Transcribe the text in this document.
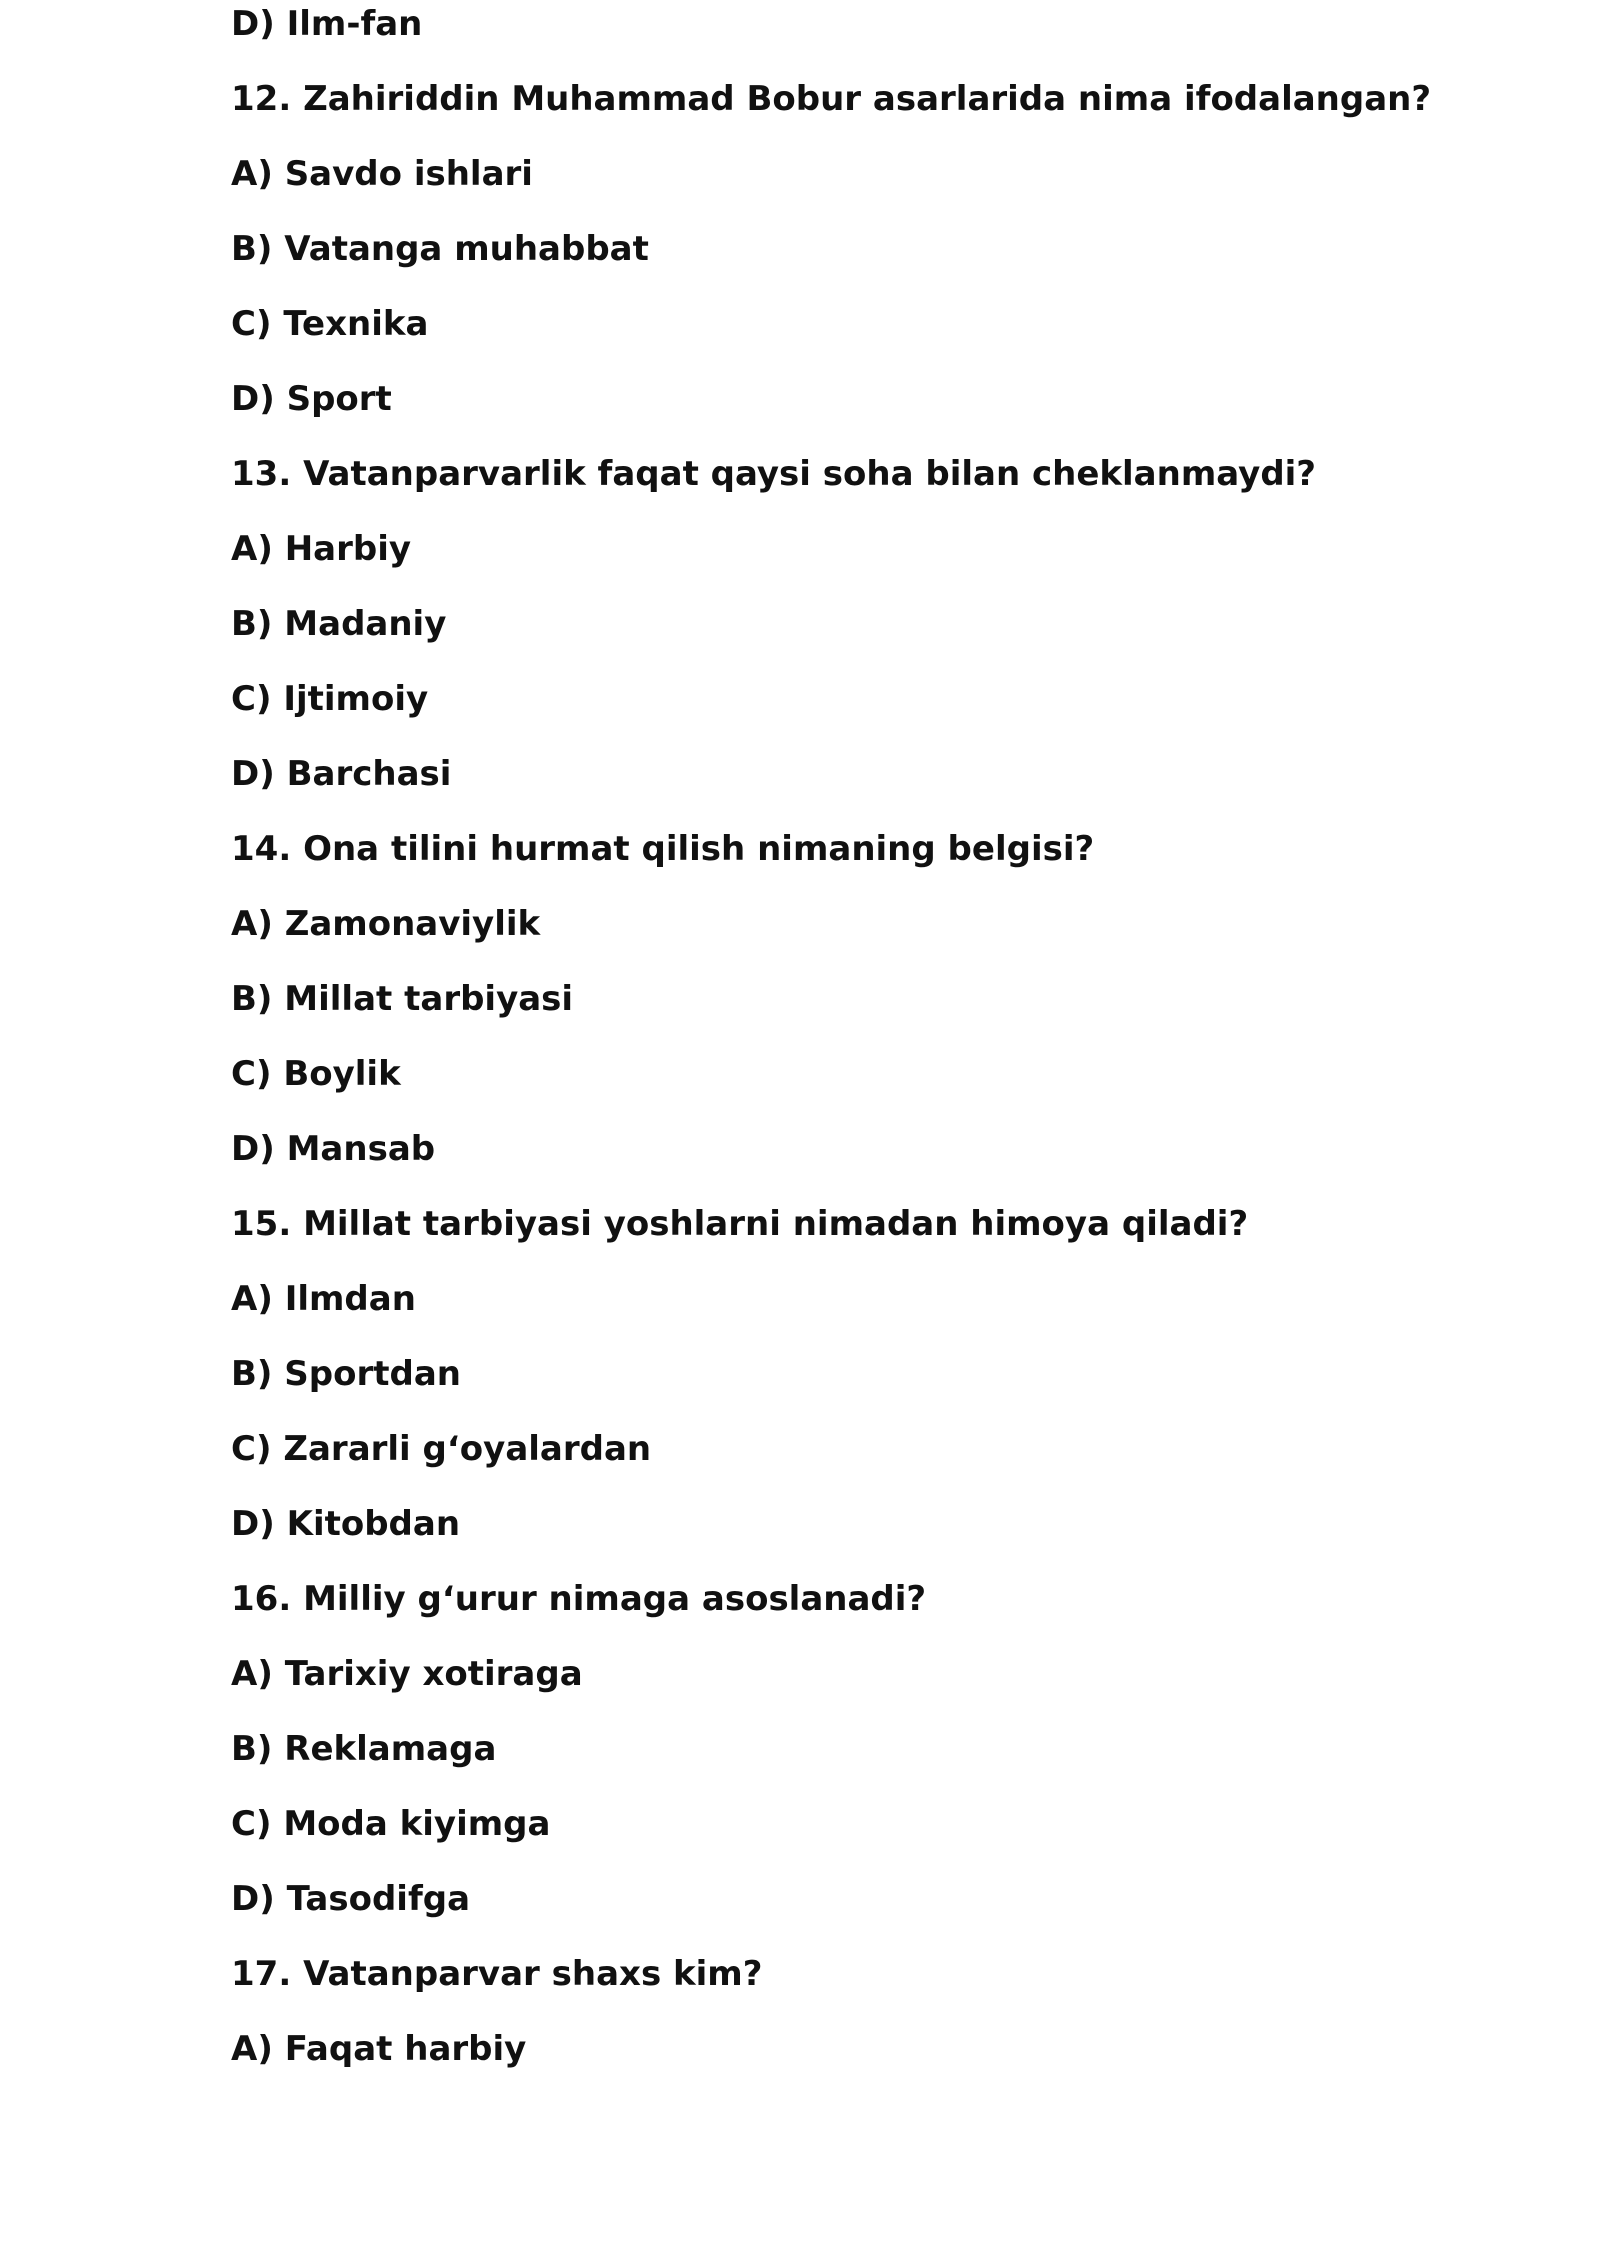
D) Ilm-fan
12. Zahiriddin Muhammad Bobur asarlarida nima ifodalangan?
A) Savdo ishlari
B) Vatanga muhabbat
C) Texnika
D) Sport
13. Vatanparvarlik faqat qaysi soha bilan cheklanmaydi?
A) Harbiy
B) Madaniy
C) Ijtimoiy
D) Barchasi
14. Ona tilini hurmat qilish nimaning belgisi?
A) Zamonaviylik
B) Millat tarbiyasi
C) Boylik
D) Mansab
15. Millat tarbiyasi yoshlarni nimadan himoya qiladi?
A) Ilmdan
B) Sportdan
C) Zararli g‘oyalardan
D) Kitobdan
16. Milliy g‘urur nimaga asoslanadi?
A) Tarixiy xotiraga
B) Reklamaga
C) Moda kiyimga
D) Tasodifga
17. Vatanparvar shaxs kim?
A) Faqat harbiy
